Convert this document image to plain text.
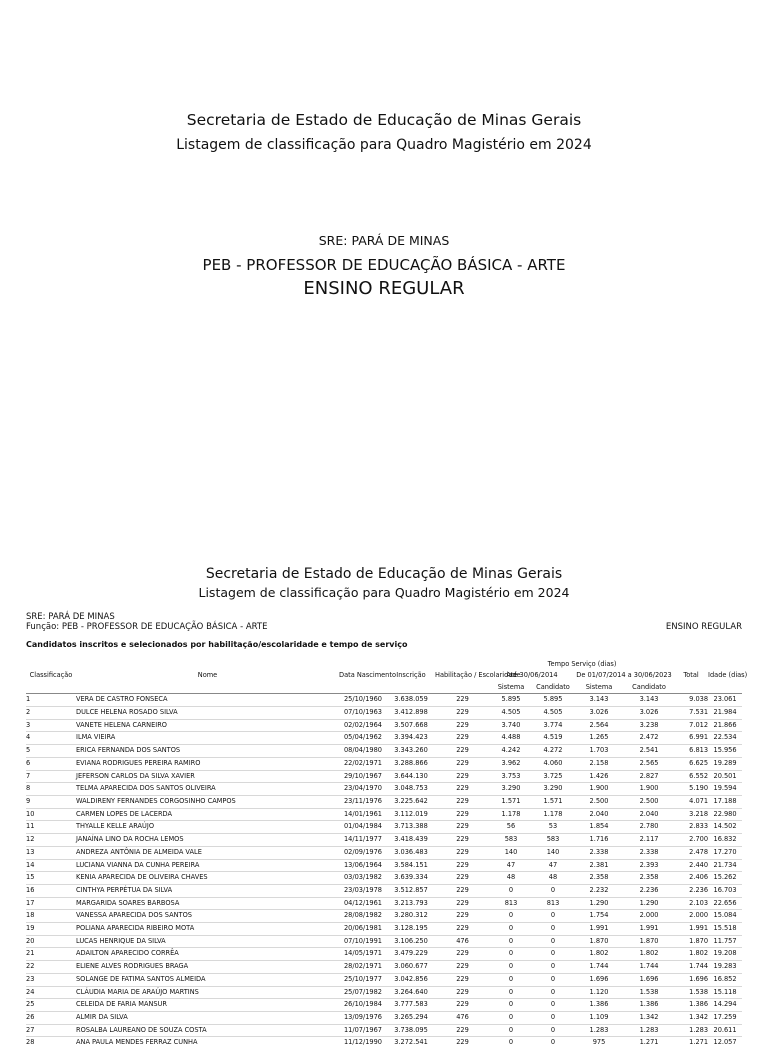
Secretaria de Estado de Educação de Minas Gerais
Listagem de classificação para Quadro Magistério em 2024
SRE: PARÁ DE MINAS
PEB - PROFESSOR DE EDUCAÇÃO BÁSICA - ARTE
ENSINO REGULAR
Secretaria de Estado de Educação de Minas Gerais
Listagem de classificação para Quadro Magistério em 2024
SRE: PARÁ DE MINAS
Função: PEB - PROFESSOR DE EDUCAÇÃO BÁSICA - ARTE	ENSINO REGULAR
Candidatos inscritos e selecionados por habilitação/escolaridade e tempo de serviço
Classificação	Nome	Data Nascimento	Inscrição	Habilitação / Escolaridade	Tempo Serviço (dias)				Total	Idade (dias)
					Até 30/06/2014		De 01/07/2014 a 30/06/2023			
					Sistema	Candidato	Sistema	Candidato		
1	VERA DE CASTRO FONSECA	25/10/1960	3.638.059	229	5.895	5.895	3.143	3.143	9.038	23.061
2	DULCE HELENA ROSADO SILVA	07/10/1963	3.412.898	229	4.505	4.505	3.026	3.026	7.531	21.984
3	VANETE HELENA CARNEIRO	02/02/1964	3.507.668	229	3.740	3.774	2.564	3.238	7.012	21.866
4	ILMA VIEIRA	05/04/1962	3.394.423	229	4.488	4.519	1.265	2.472	6.991	22.534
5	ERICA FERNANDA DOS SANTOS	08/04/1980	3.343.260	229	4.242	4.272	1.703	2.541	6.813	15.956
6	EVIANA RODRIGUES PEREIRA RAMIRO	22/02/1971	3.288.866	229	3.962	4.060	2.158	2.565	6.625	19.289
7	JEFERSON CARLOS DA SILVA XAVIER	29/10/1967	3.644.130	229	3.753	3.725	1.426	2.827	6.552	20.501
8	TELMA APARECIDA DOS SANTOS OLIVEIRA	23/04/1970	3.048.753	229	3.290	3.290	1.900	1.900	5.190	19.594
9	WALDIRENY FERNANDES CORGOSINHO CAMPOS	23/11/1976	3.225.642	229	1.571	1.571	2.500	2.500	4.071	17.188
10	CARMEN LOPES DE LACERDA	14/01/1961	3.112.019	229	1.178	1.178	2.040	2.040	3.218	22.980
11	THYALLE KELLE ARAÚJO	01/04/1984	3.713.388	229	56	53	1.854	2.780	2.833	14.502
12	JANAÍNA LINO DA ROCHA LEMOS	14/11/1977	3.418.439	229	583	583	1.716	2.117	2.700	16.832
13	ANDREZA ANTÔNIA DE ALMEIDA VALE	02/09/1976	3.036.483	229	140	140	2.338	2.338	2.478	17.270
14	LUCIANA VIANNA DA CUNHA PEREIRA	13/06/1964	3.584.151	229	47	47	2.381	2.393	2.440	21.734
15	KENIA APARECIDA DE OLIVEIRA CHAVES	03/03/1982	3.639.334	229	48	48	2.358	2.358	2.406	15.262
16	CINTHYA PERPÉTUA DA SILVA	23/03/1978	3.512.857	229	0	0	2.232	2.236	2.236	16.703
17	MARGARIDA SOARES BARBOSA	04/12/1961	3.213.793	229	813	813	1.290	1.290	2.103	22.656
18	VANESSA APARECIDA DOS SANTOS	28/08/1982	3.280.312	229	0	0	1.754	2.000	2.000	15.084
19	POLIANA APARECIDA RIBEIRO MOTA	20/06/1981	3.128.195	229	0	0	1.991	1.991	1.991	15.518
20	LUCAS HENRIQUE DA SILVA	07/10/1991	3.106.250	476	0	0	1.870	1.870	1.870	11.757
21	ADAILTON APARECIDO CORRÊA	14/05/1971	3.479.229	229	0	0	1.802	1.802	1.802	19.208
22	ELIENE ALVES RODRIGUES BRAGA	28/02/1971	3.060.677	229	0	0	1.744	1.744	1.744	19.283
23	SOLANGE DE FATIMA SANTOS ALMEIDA	25/10/1977	3.042.856	229	0	0	1.696	1.696	1.696	16.852
24	CLÁUDIA MARIA DE ARAÚJO MARTINS	25/07/1982	3.264.640	229	0	0	1.120	1.538	1.538	15.118
25	CELEIDA DE FARIA MANSUR	26/10/1984	3.777.583	229	0	0	1.386	1.386	1.386	14.294
26	ALMIR DA SILVA	13/09/1976	3.265.294	476	0	0	1.109	1.342	1.342	17.259
27	ROSALBA LAUREANO DE SOUZA COSTA	11/07/1967	3.738.095	229	0	0	1.283	1.283	1.283	20.611
28	ANA PAULA MENDES FERRAZ CUNHA	11/12/1990	3.272.541	229	0	0	975	1.271	1.271	12.057
